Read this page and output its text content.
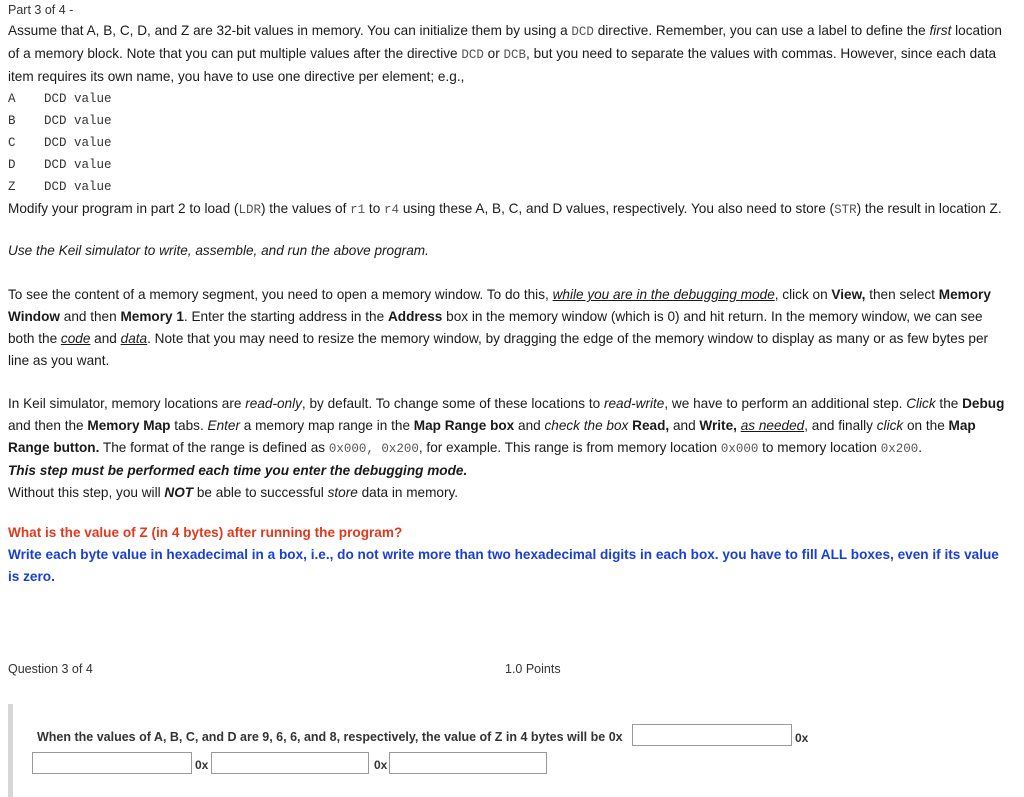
Part 3 of 4 -

Assume that A, B, C, D, and Z are 32-bit values in memory. You can initialize them by using a DCD directive. Remember, you can use a label to define the first location of a memory block. Note that you can put multiple values after the directive DCD or DCB, but you need to separate the values with commas. However, since each data item requires its own name, you have to use one directive per element; e.g.,

A	DCD value
B	DCD value
C	DCD value
D	DCD value
Z	DCD value

Modify your program in part 2 to load (LDR) the values of r1 to r4 using these A, B, C, and D values, respectively. You also need to store (STR) the result in location Z.

Use the Keil simulator to write, assemble, and run the above program.

To see the content of a memory segment, you need to open a memory window. To do this, while you are in the debugging mode, click on View, then select Memory Window and then Memory 1. Enter the starting address in the Address box in the memory window (which is 0) and hit return. In the memory window, we can see both the code and data. Note that you may need to resize the memory window, by dragging the edge of the memory window to display as many or as few bytes per line as you want.

In Keil simulator, memory locations are read-only, by default. To change some of these locations to read-write, we have to perform an additional step. Click the Debug and then the Memory Map tabs. Enter a memory map range in the Map Range box and check the box Read, and Write, as needed, and finally click on the Map Range button. The format of the range is defined as 0x000, 0x200, for example. This range is from memory location 0x000 to memory location 0x200.

This step must be performed each time you enter the debugging mode.

Without this step, you will NOT be able to successful store data in memory.

What is the value of Z (in 4 bytes) after running the program?

Write each byte value in hexadecimal in a box, i.e., do not write more than two hexadecimal digits in each box. you have to fill ALL boxes, even if its value is zero.

Question 3 of 4	1.0 Points
When the values of A, B, C, and D are 9, 6, 6, and 8, respectively, the value of Z in 4 bytes will be 0x	0x
0x	0x
